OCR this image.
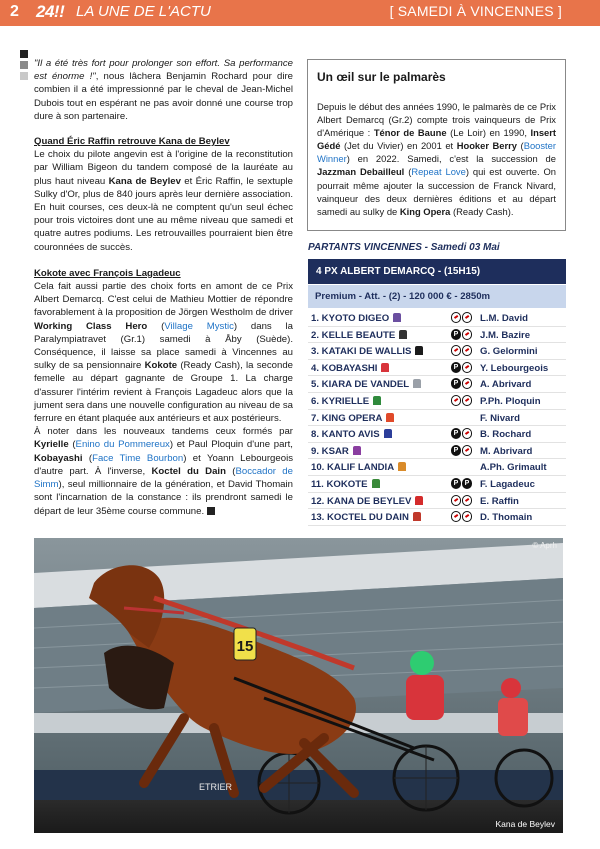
2 24!! LA UNE DE L'ACTU	[ SAMEDI À VINCENNES ]

"Il a été très fort pour prolonger son effort. Sa performance est énorme !", nous lâchera Benjamin Rochard pour dire combien il a été impressionné par le cheval de Jean-Michel Dubois tout en espérant ne pas avoir donné une course trop dure à son partenaire.

Quand Éric Raffin retrouve Kana de Beylev

Le choix du pilote angevin est à l'origine de la reconstitution par William Bigeon du tandem composé de la lauréate au plus haut niveau Kana de Beylev et Éric Raffin, le sextuple Sulky d'Or, plus de 840 jours après leur dernière association. En huit courses, ces deux-là ne comptent qu'un seul échec pour trois victoires dont une au même niveau que samedi et quatre autres podiums. Les retrouvailles pourraient bien être couronnées de succès.

Kokote avec François Lagadeuc

Cela fait aussi partie des choix forts en amont de ce Prix Albert Demarcq. C'est celui de Mathieu Mottier de répondre favorablement à la proposition de Jörgen Westholm de driver Working Class Hero (Village Mystic) dans la Paralympiatravet (Gr.1) samedi à Åby (Suède). Conséquence, il laisse sa place samedi à Vincennes au sulky de sa pensionnaire Kokote (Ready Cash), la seconde femelle au départ gagnante de Groupe 1. La charge d'assurer l'intérim revient à François Lagadeuc alors que la jument sera dans une nouvelle configuration au niveau de sa ferrure en étant plaquée aux antérieurs et aux postérieurs.

À noter dans les nouveaux tandems ceux formés par Kyrielle (Enino du Pommereux) et Paul Ploquin d'une part, Kobayashi (Face Time Bourbon) et Yoann Lebourgeois d'autre part. À l'inverse, Koctel du Dain (Boccador de Simm), seul millionnaire de la génération, et David Thomain sont l'incarnation de la constance : ils prendront samedi le départ de leur 35ème course commune.

Un œil sur le palmarès

Depuis le début des années 1990, le palmarès de ce Prix Albert Demarcq (Gr.2) compte trois vainqueurs de Prix d'Amérique : Ténor de Baune (Le Loir) en 1990, Insert Gédé (Jet du Vivier) en 2001 et Hooker Berry (Booster Winner) en 2022. Samedi, c'est la succession de Jazzman Debailleul (Repeat Love) qui est ouverte. On pourrait même ajouter la succession de Franck Nivard, vainqueur des deux dernières éditions et au départ samedi au sulky de King Opera (Ready Cash).

PARTANTS VINCENNES - Samedi 03 Mai
4 PX ALBERT DEMARCQ - (15H15)
Premium - Att. - (2) - 120 000 € - 2850m
1. KYOTO DIGEO	L.M. David
2. KELLE BEAUTE	P	J.M. Bazire
3. KATAKI DE WALLIS	G. Gelormini
4. KOBAYASHI	P	Y. Lebourgeois
5. KIARA DE VANDEL	P	A. Abrivard
6. KYRIELLE	P.Ph. Ploquin
7. KING OPERA	F. Nivard
8. KANTO AVIS	P	B. Rochard
9. KSAR	P	M. Abrivard
10. KALIF LANDIA	A.Ph. Grimault
11. KOKOTE	P P	F. Lagadeuc
12. KANA DE BEYLEV	E. Raffin
13. KOCTEL DU DAIN	D. Thomain
15
ETRIER
© Aprh
Kana de Beylev
